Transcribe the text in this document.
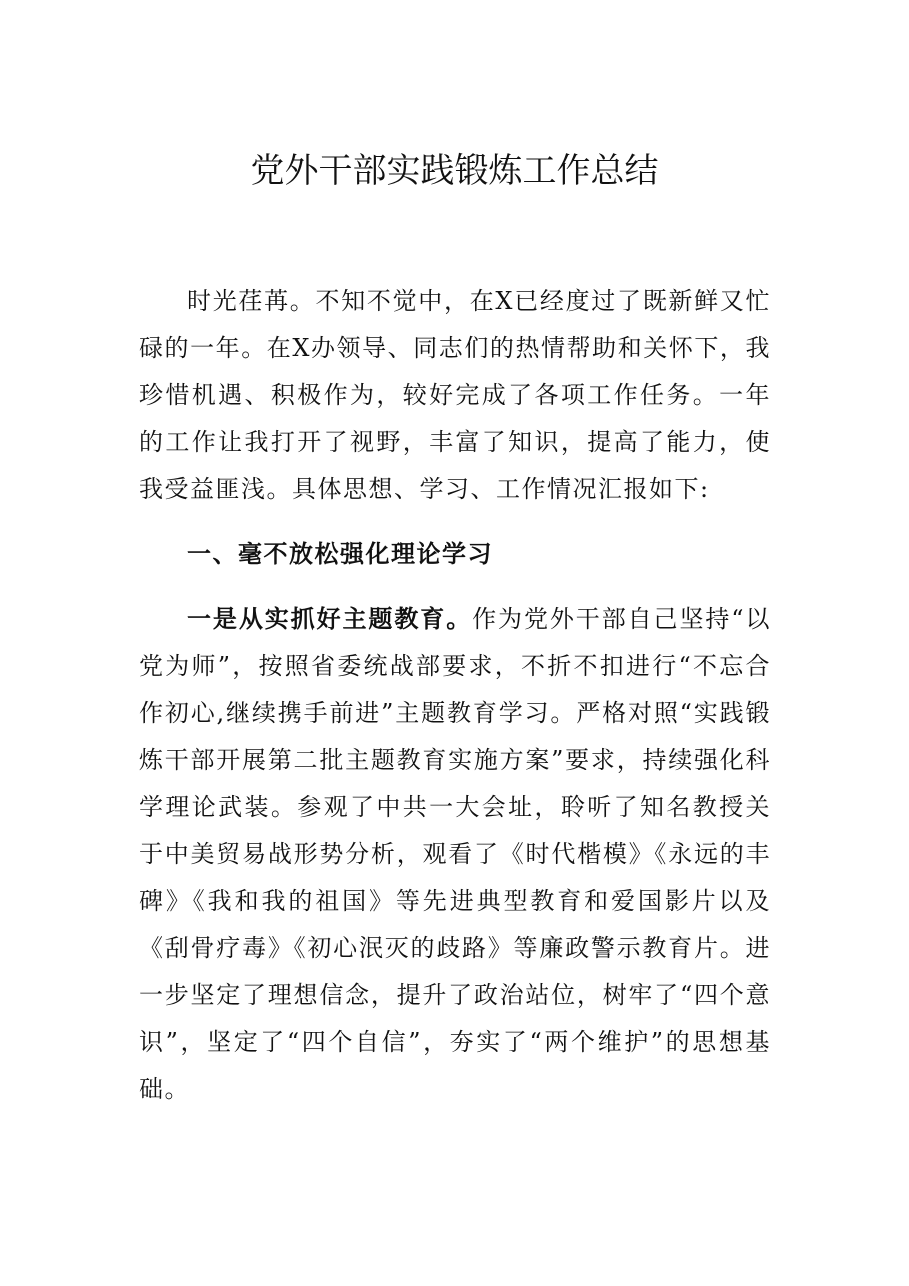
党外干部实践锻炼工作总结

时光荏苒。不知不觉中，在X已经度过了既新鲜又忙碌的一年。在X办领导、同志们的热情帮助和关怀下，我珍惜机遇、积极作为，较好完成了各项工作任务。一年的工作让我打开了视野，丰富了知识，提高了能力，使我受益匪浅。具体思想、学习、工作情况汇报如下:

一、毫不放松强化理论学习

一是从实抓好主题教育。作为党外干部自己坚持“以党为师”，按照省委统战部要求，不折不扣进行“不忘合作初心,继续携手前进”主题教育学习。严格对照“实践锻炼干部开展第二批主题教育实施方案”要求，持续强化科学理论武装。参观了中共一大会址，聆听了知名教授关于中美贸易战形势分析，观看了《时代楷模》《永远的丰碑》《我和我的祖国》等先进典型教育和爱国影片以及《刮骨疗毒》《初心泯灭的歧路》等廉政警示教育片。进一步坚定了理想信念，提升了政治站位，树牢了“四个意识”，坚定了“四个自信”，夯实了“两个维护”的思想基础。
